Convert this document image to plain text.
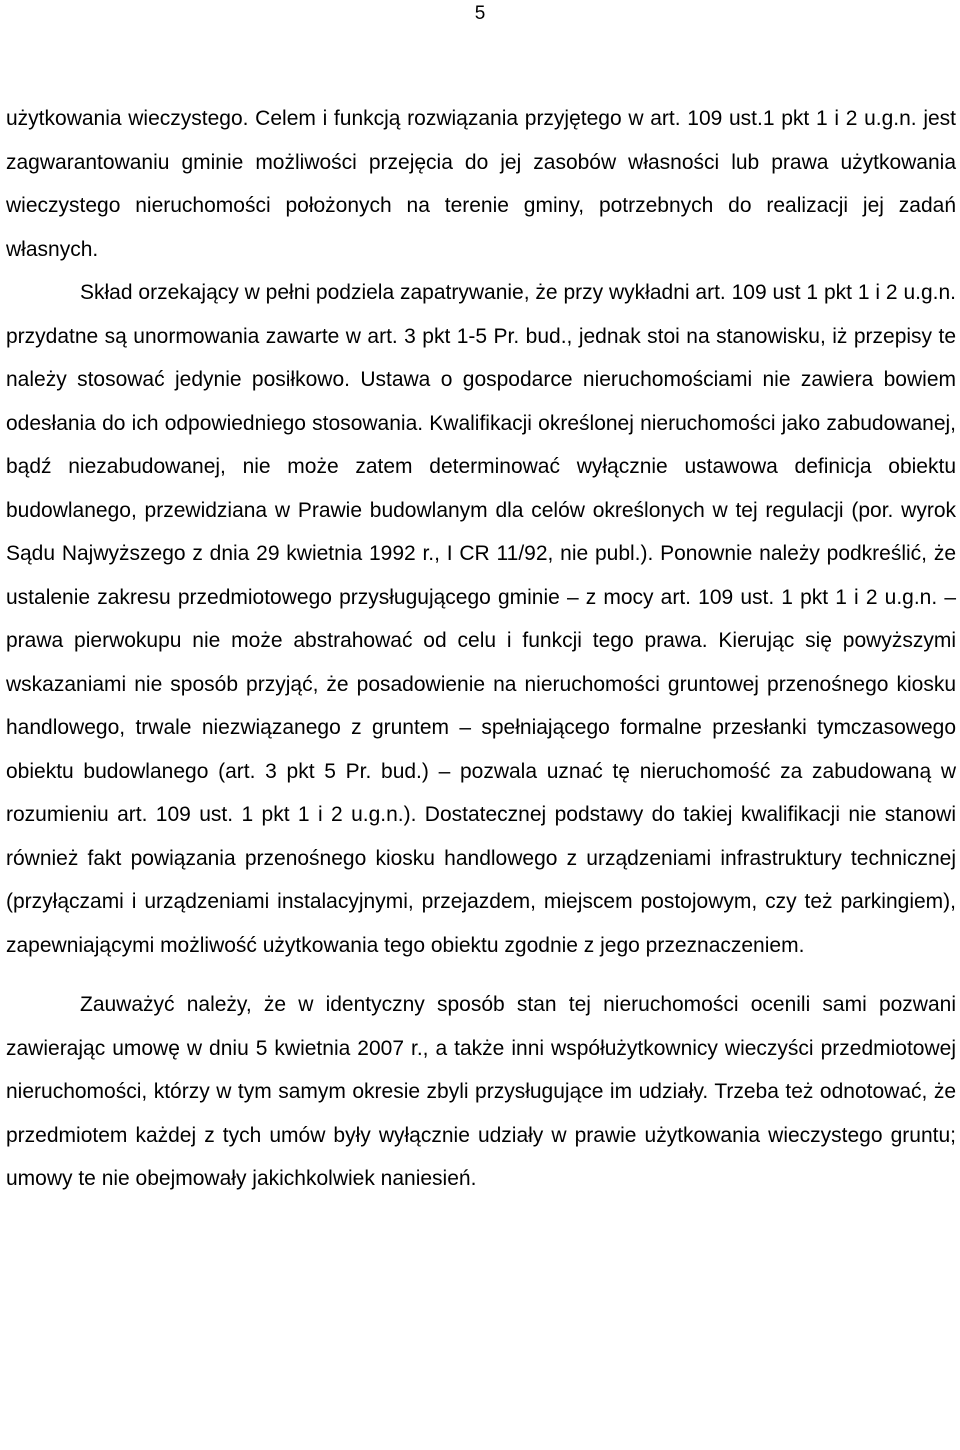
5

użytkowania wieczystego. Celem i funkcją rozwiązania przyjętego w art. 109 ust.1 pkt 1 i 2 u.g.n. jest zagwarantowaniu gminie możliwości przejęcia do jej zasobów własności lub prawa użytkowania wieczystego nieruchomości położonych na terenie gminy, potrzebnych do realizacji jej zadań własnych.

Skład orzekający w pełni podziela zapatrywanie, że przy wykładni art. 109 ust 1 pkt 1 i 2 u.g.n. przydatne są unormowania zawarte w art. 3 pkt 1-5 Pr. bud., jednak stoi na stanowisku, iż przepisy te należy stosować jedynie posiłkowo. Ustawa o gospodarce nieruchomościami nie zawiera bowiem odesłania do ich odpowiedniego stosowania. Kwalifikacji określonej nieruchomości jako zabudowanej, bądź niezabudowanej, nie może zatem determinować wyłącznie ustawowa definicja obiektu budowlanego, przewidziana w Prawie budowlanym dla celów określonych w tej regulacji (por. wyrok Sądu Najwyższego z dnia 29 kwietnia 1992 r., I CR 11/92, nie publ.). Ponownie należy podkreślić, że ustalenie zakresu przedmiotowego przysługującego gminie – z mocy art. 109 ust. 1 pkt 1 i 2 u.g.n. – prawa pierwokupu nie może abstrahować od celu i funkcji tego prawa. Kierując się powyższymi wskazaniami nie sposób przyjąć, że posadowienie na nieruchomości gruntowej przenośnego kiosku handlowego, trwale niezwiązanego z gruntem – spełniającego formalne przesłanki tymczasowego obiektu budowlanego (art. 3 pkt 5 Pr. bud.) – pozwala uznać tę nieruchomość za zabudowaną w rozumieniu art. 109 ust. 1 pkt 1 i 2 u.g.n.). Dostatecznej podstawy do takiej kwalifikacji nie stanowi również fakt powiązania przenośnego kiosku handlowego z urządzeniami infrastruktury technicznej (przyłączami i urządzeniami instalacyjnymi, przejazdem, miejscem postojowym, czy też parkingiem), zapewniającymi możliwość użytkowania tego obiektu zgodnie z jego przeznaczeniem.

Zauważyć należy, że w identyczny sposób stan tej nieruchomości ocenili sami pozwani zawierając umowę w dniu 5 kwietnia 2007 r., a także inni współużytkownicy wieczyści przedmiotowej nieruchomości, którzy w tym samym okresie zbyli przysługujące im udziały. Trzeba też odnotować, że przedmiotem każdej z tych umów były wyłącznie udziały w prawie użytkowania wieczystego gruntu; umowy te nie obejmowały jakichkolwiek naniesień.
